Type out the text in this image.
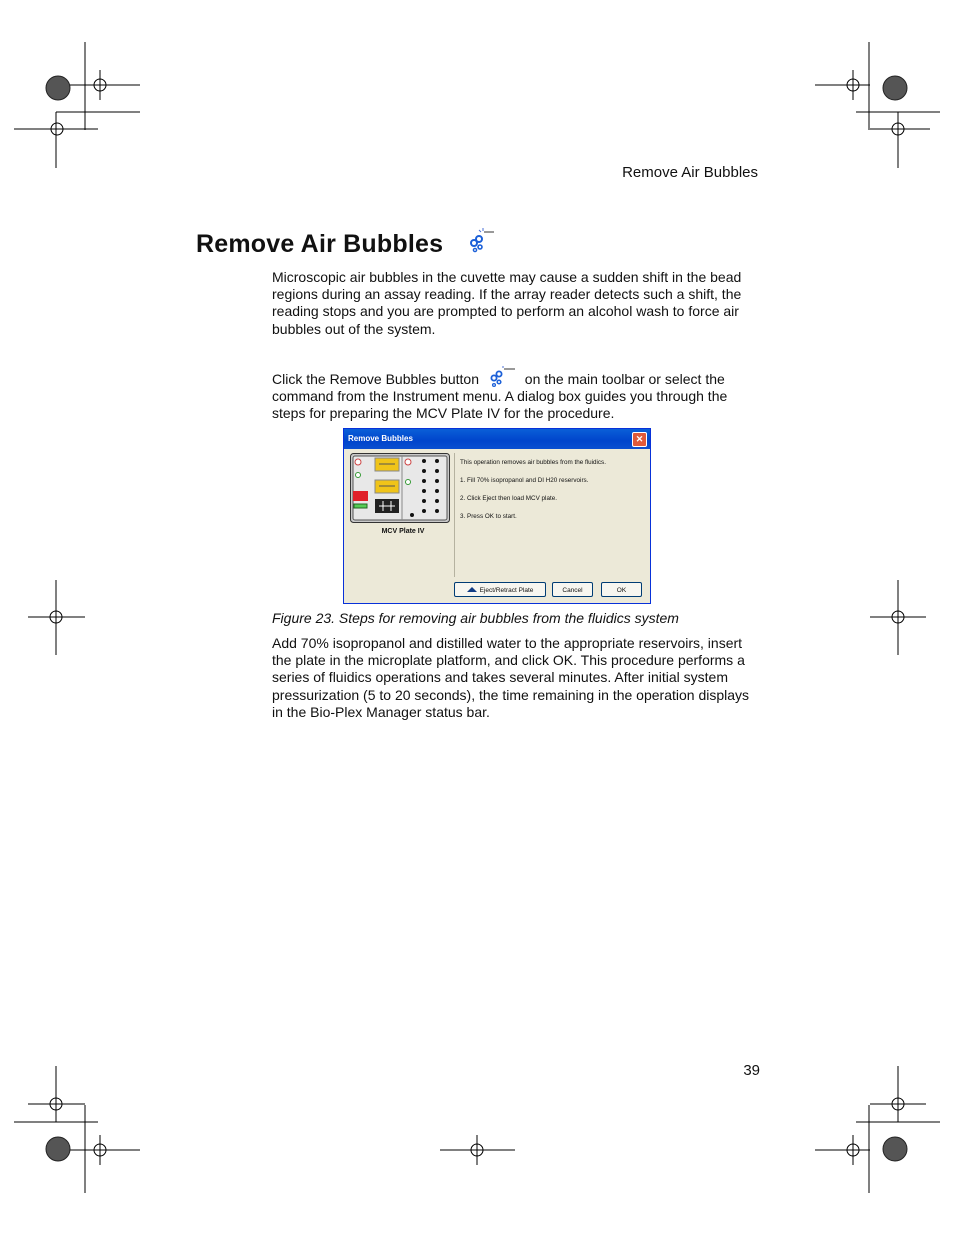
Remove Air Bubbles
Remove Air Bubbles

Microscopic air bubbles in the cuvette may cause a sudden shift in the bead regions during an assay reading. If the array reader detects such a shift, the reading stops and you are prompted to perform an alcohol wash to force air bubbles out of the system.

Click the Remove Bubbles button	on the main toolbar or select the command from the Instrument menu. A dialog box guides you through the steps for preparing the MCV Plate IV for the procedure.

Remove Bubbles	✕
MCV Plate IV
This operation removes air bubbles from the fluidics.
1. Fill 70% isopropanol and DI H20 reservoirs.
2. Click Eject then load MCV plate.
3. Press OK to start.
Eject/Retract Plate	Cancel	OK
Figure 23. Steps for removing air bubbles from the fluidics system

Add 70% isopropanol and distilled water to the appropriate reservoirs, insert the plate in the microplate platform, and click OK. This procedure performs a series of fluidics operations and takes several minutes. After initial system pressurization (5 to 20 seconds), the time remaining in the operation displays in the Bio-Plex Manager status bar.

39
